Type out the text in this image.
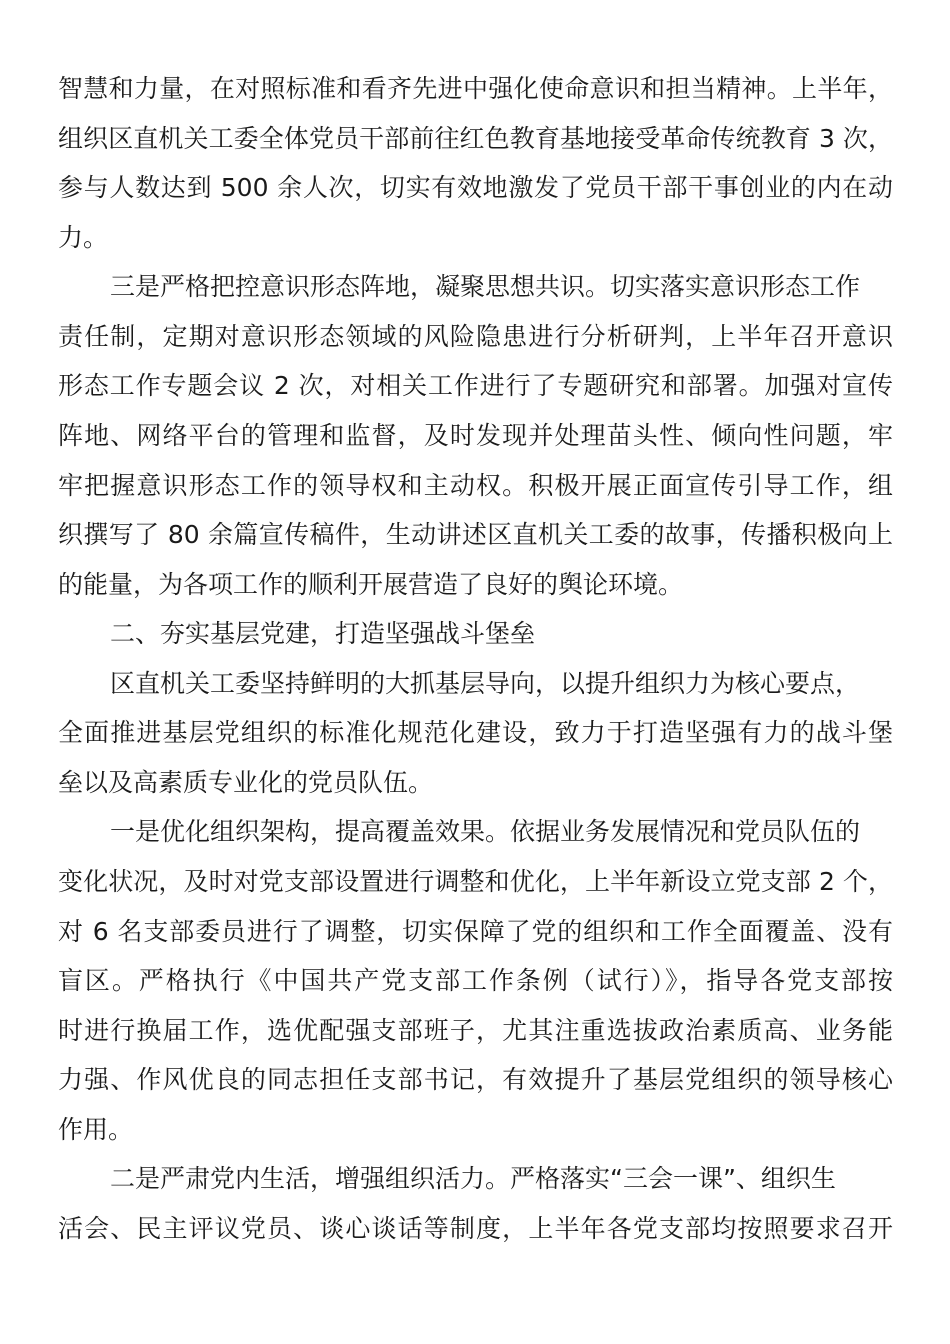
智慧和力量，在对照标准和看齐先进中强化使命意识和担当精神。上半年，
组织区直机关工委全体党员干部前往红色教育基地接受革命传统教育 3 次，
参与人数达到 500 余人次，切实有效地激发了党员干部干事创业的内在动
力。
三是严格把控意识形态阵地，凝聚思想共识。切实落实意识形态工作
责任制，定期对意识形态领域的风险隐患进行分析研判，上半年召开意识
形态工作专题会议 2 次，对相关工作进行了专题研究和部署。加强对宣传
阵地、网络平台的管理和监督，及时发现并处理苗头性、倾向性问题，牢
牢把握意识形态工作的领导权和主动权。积极开展正面宣传引导工作，组
织撰写了 80 余篇宣传稿件，生动讲述区直机关工委的故事，传播积极向上
的能量，为各项工作的顺利开展营造了良好的舆论环境。
二、夯实基层党建，打造坚强战斗堡垒
区直机关工委坚持鲜明的大抓基层导向，以提升组织力为核心要点，
全面推进基层党组织的标准化规范化建设，致力于打造坚强有力的战斗堡
垒以及高素质专业化的党员队伍。
一是优化组织架构，提高覆盖效果。依据业务发展情况和党员队伍的
变化状况，及时对党支部设置进行调整和优化，上半年新设立党支部 2 个，
对 6 名支部委员进行了调整，切实保障了党的组织和工作全面覆盖、没有
盲区。严格执行《中国共产党支部工作条例（试行）》，指导各党支部按
时进行换届工作，选优配强支部班子，尤其注重选拔政治素质高、业务能
力强、作风优良的同志担任支部书记，有效提升了基层党组织的领导核心
作用。
二是严肃党内生活，增强组织活力。严格落实“三会一课”、组织生
活会、民主评议党员、谈心谈话等制度，上半年各党支部均按照要求召开
